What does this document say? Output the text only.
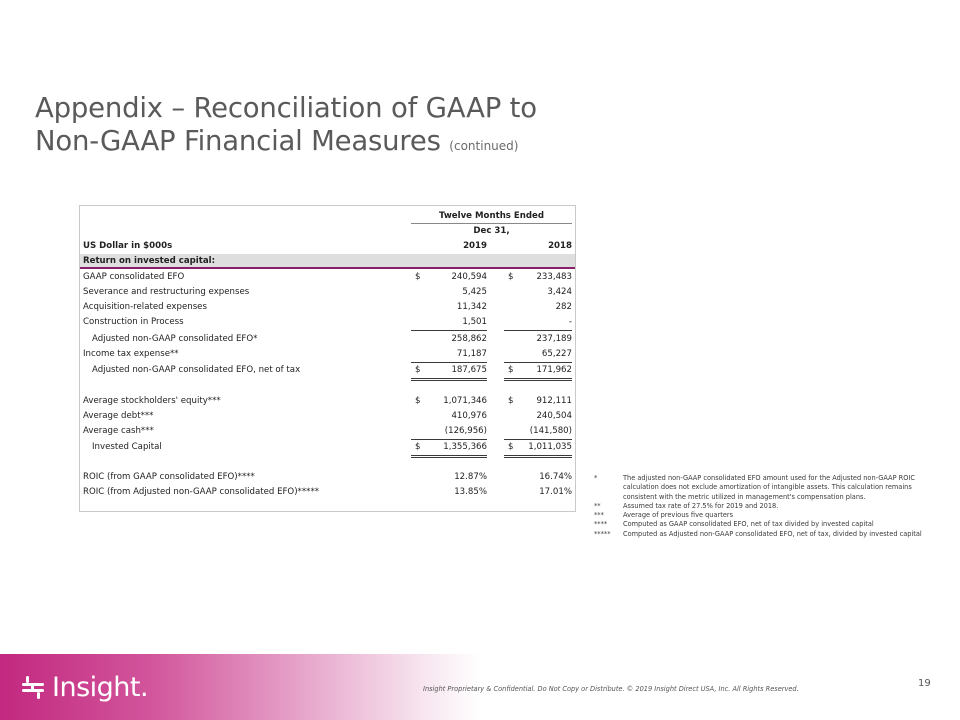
Appendix – Reconciliation of GAAP to
Non-GAAP Financial Measures (continued)
Twelve Months Ended
Dec 31,
US Dollar in $000s	2019	2018
Return on invested capital:
GAAP consolidated EFO	$	240,594 $	233,483
Severance and restructuring expenses	5,425	3,424
Acquisition-related expenses	11,342	282
Construction in Process	1,501	-
Adjusted non-GAAP consolidated EFO*	258,862	237,189
Income tax expense**	71,187	65,227
Adjusted non-GAAP consolidated EFO, net of tax	$	187,675 $	171,962
Average stockholders' equity***	$	1,071,346 $	912,111
Average debt***	410,976	240,504
Average cash***	(126,956)	(141,580)
Invested Capital	$	1,355,366 $ 1,011,035
ROIC (from GAAP consolidated EFO)****	12.87%	16.74%
ROIC (from Adjusted non-GAAP consolidated EFO)*****	13.85%	17.01%
*	The adjusted non-GAAP consolidated EFO amount used for the Adjusted non-GAAP ROIC calculation does not exclude amortization of intangible assets. This calculation remains consistent with the metric utilized in management's compensation plans.
**	Assumed tax rate of 27.5% for 2019 and 2018.
***	Average of previous five quarters
**** Computed as GAAP consolidated EFO, net of tax divided by invested capital
***** Computed as Adjusted non-GAAP consolidated EFO, net of tax, divided by invested capital
Insight.	Insight Proprietary & Confidential. Do Not Copy or Distribute. © 2019 Insight Direct USA, Inc. All Rights Reserved.	19
